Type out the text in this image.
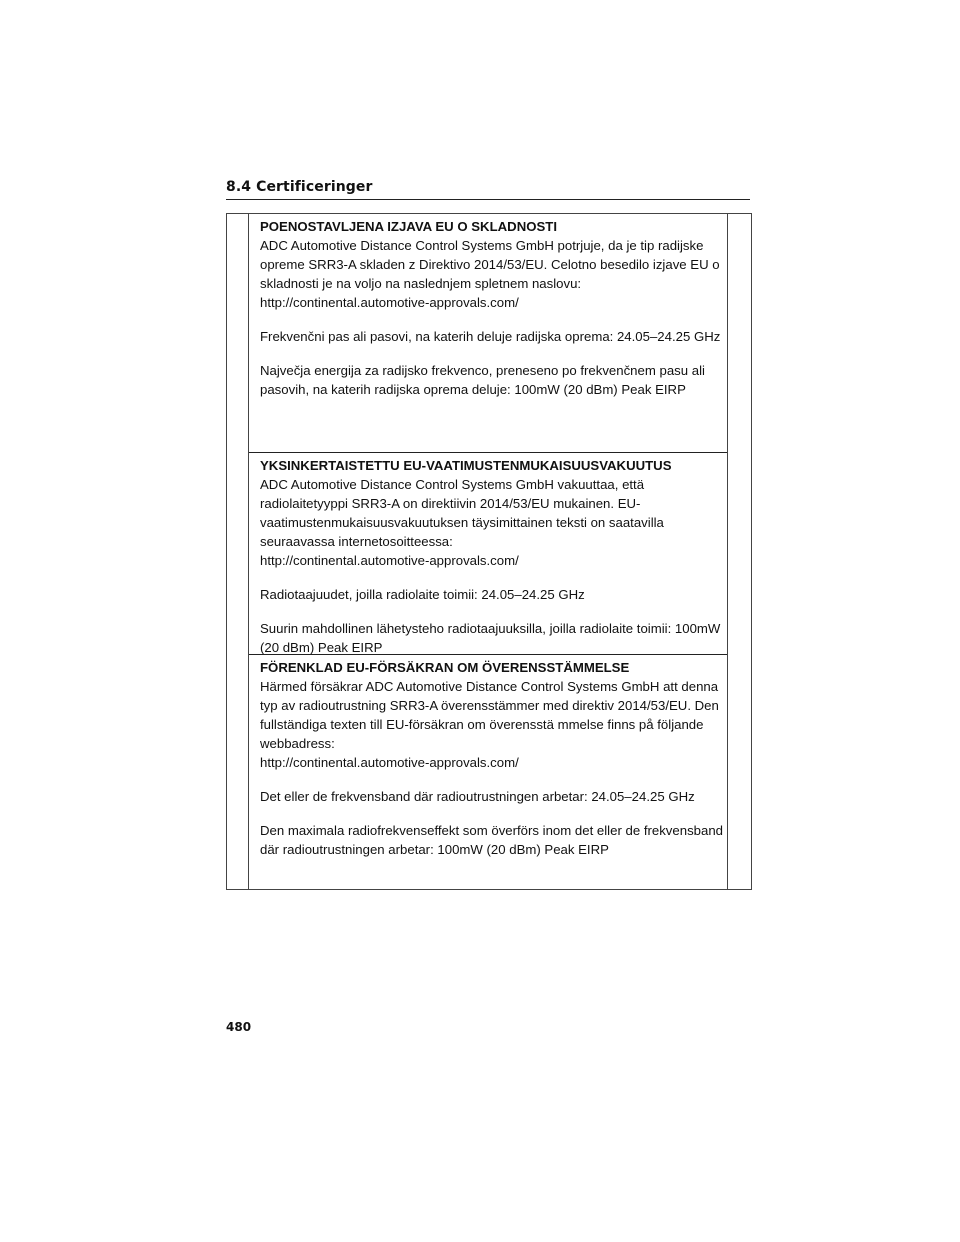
8.4 Certificeringer

POENOSTAVLJENA IZJAVA EU O SKLADNOSTI

ADC Automotive Distance Control Systems GmbH potrjuje, da je tip radijske opreme SRR3-A skladen z Direktivo 2014/53/EU. Celotno besedilo izjave EU o skladnosti je na voljo na naslednjem spletnem naslovu:

http://continental.automotive-approvals.com/

Frekvenčni pas ali pasovi, na katerih deluje radijska oprema: 24.05–24.25 GHz

Največja energija za radijsko frekvenco, preneseno po frekvenčnem pasu ali pasovih, na katerih radijska oprema deluje: 100mW (20 dBm) Peak EIRP

YKSINKERTAISTETTU EU-VAATIMUSTENMUKAISUUSVAKUUTUS

ADC Automotive Distance Control Systems GmbH vakuuttaa, että radiolaitetyyppi SRR3-A on direktiivin 2014/53/EU mukainen. EU-vaatimustenmukaisuusvakuutuksen täysimittainen teksti on saatavilla seuraavassa internetosoitteessa:

http://continental.automotive-approvals.com/

Radiotaajuudet, joilla radiolaite toimii: 24.05–24.25 GHz

Suurin mahdollinen lähetysteho radiotaajuuksilla, joilla radiolaite toimii: 100mW (20 dBm) Peak EIRP

FÖRENKLAD EU-FÖRSÄKRAN OM ÖVERENSSTÄMMELSE

Härmed försäkrar ADC Automotive Distance Control Systems GmbH att denna typ av radioutrustning SRR3-A överensstämmer med direktiv 2014/53/EU. Den fullständiga texten till EU-försäkran om överensstä mmelse finns på följande webbadress:

http://continental.automotive-approvals.com/

Det eller de frekvensband där radioutrustningen arbetar: 24.05–24.25 GHz

Den maximala radiofrekvenseffekt som överförs inom det eller de frekvensband där radioutrustningen arbetar: 100mW (20 dBm) Peak EIRP

480
